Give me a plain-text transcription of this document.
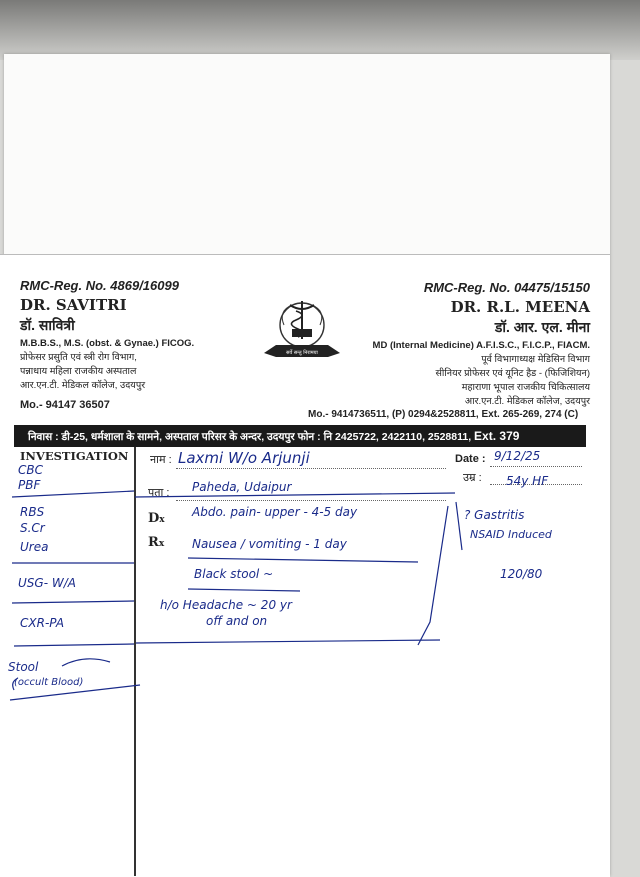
RMC-Reg. No. 4869/16099
DR. SAVITRI
डॉ. सावित्री
M.B.B.S., M.S. (obst. & Gynae.) FICOG.
प्रोफेसर प्रसुति एवं स्त्री रोग विभाग,
पन्नाधाय महिला राजकीय अस्पताल
आर.एन.टी. मेडिकल कॉलेज, उदयपुर
Mo.- 94147 36507
सर्वे सन्तु निरामया
RMC-Reg. No. 04475/15150
DR. R.L. MEENA
डॉ. आर. एल. मीना
MD (Internal Medicine) A.F.I.S.C., F.I.C.P., FIACM.
पूर्व विभागाध्यक्ष मेडिसिन विभाग
सीनियर प्रोफेसर एवं यूनिट हैड - (फिजिशियन)
महाराणा भूपाल राजकीय चिकित्सालय
आर.एन.टी. मेडिकल कॉलेज, उदयपुर
Mo.- 9414736511, (P) 0294&2528811, Ext. 265-269, 274 (C)
निवास : डी-25, धर्मशाला के सामने, अस्पताल परिसर के अन्दर, उदयपुर फोन : नि 2425722, 2422110, 2528811, Ext. 379
INVESTIGATION नाम :
पता :
Date :
उम्र :
Dx
Rx
Laxmi W/o Arjunji
Paheda, Udaipur
9/12/25
54y HF
CBC
PBF
RBS
S.Cr
Urea
USG- W/A
CXR-PA
Stool
(occult Blood)
Abdo. pain- upper - 4-5 day
Nausea / vomiting - 1 day
Black stool ~
h/o Headache ~ 20 yr
off and on
? Gastritis
NSAID Induced
120/80
